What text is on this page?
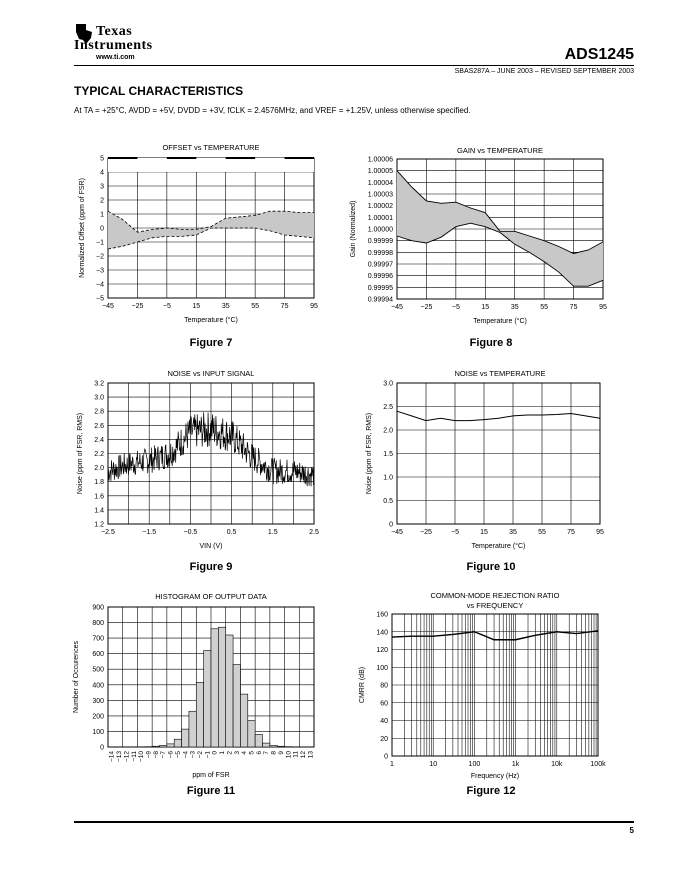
Texas
Instruments
www.ti.com	ADS1245
SBAS287A – JUNE 2003 – REVISED SEPTEMBER 2003
TYPICAL CHARACTERISTICS
At TA = +25°C, AVDD = +5V, DVDD = +3V, fCLK = 2.4576MHz, and VREF = +1.25V, unless otherwise specified.
OFFSET vs TEMPERATURE	GAIN vs TEMPERATURE
NOISE vs INPUT SIGNAL	NOISE vs TEMPERATURE
HISTOGRAM OF OUTPUT DATA	COMMON-MODE REJECTION RATIO
vs FREQUENCY
5
4
3
2
1
0
−1
−2
−3
−4
−5
−45	−25	−5	15	35	55	75	95
Temperature (°C)
Normalized Offset (ppm of FSR)
1.00006
1.00005
1.00004
1.00003
1.00002
1.00001
1.00000
0.99999
0.99998
0.99997
0.99996
0.99995
0.99994
−45	−25	−5	15	35	55	75	95
Temperature (°C)
Gain (Normalized)
3.2
3.0
2.8
2.6
2.4
2.2
2.0
1.8
1.6
1.4
1.2
−2.5	−1.5	−0.5	0.5	1.5	2.5
VIN (V)
Noise (ppm of FSR, RMS)
3.0
2.5
2.0
1.5
1.0
0.5
0
−45 −25	−5	15	35	55	75	95
Temperature (°C)
Noise (ppm of FSR, RMS)
−14 −13 −12 −11 −10 −9 −8 −7 −6 −5 −4 −3 −2 −1 0 1 2 3 4 5 6 7 8 9 10 11 12 13
900
800
700
600
500
400
300
200
100
0
ppm of FSR
Number of Occurences
160
140
120
100
80
60
40
20
0
1	10	100	1k	10k	100k
Frequency (Hz)
CMRR (dB)
Figure 7	Figure 8
Figure 9	Figure 10
Figure 11	Figure 12
5
